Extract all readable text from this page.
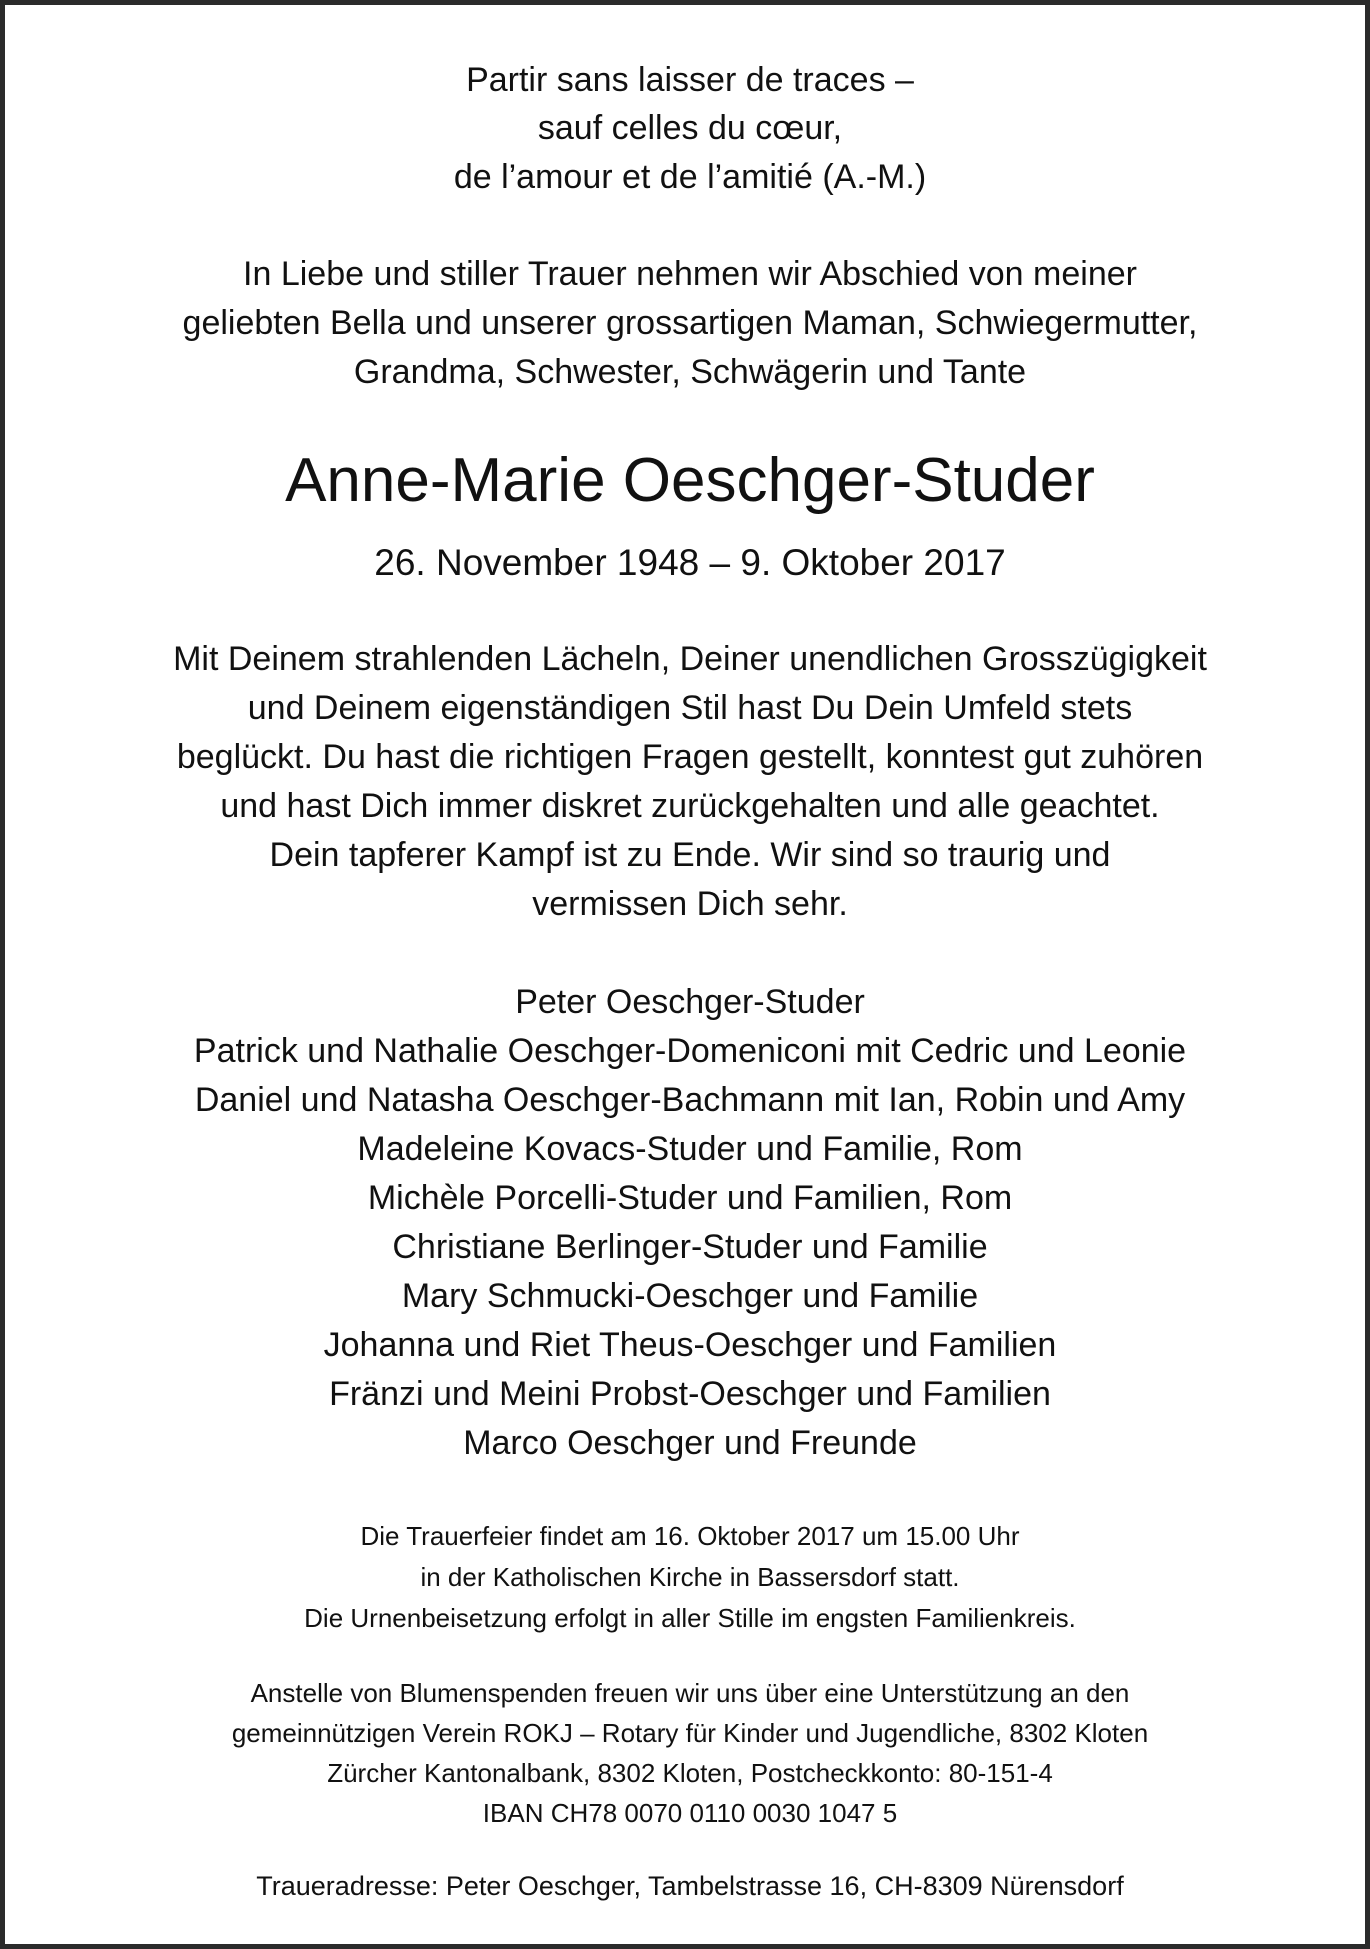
Partir sans laisser de traces –
sauf celles du cœur,
de l’amour et de l’amitié (A.-M.)
In Liebe und stiller Trauer nehmen wir Abschied von meiner
geliebten Bella und unserer grossartigen Maman, Schwiegermutter,
Grandma, Schwester, Schwägerin und Tante
Anne-Marie Oeschger-Studer
26. November 1948 – 9. Oktober 2017
Mit Deinem strahlenden Lächeln, Deiner unendlichen Grosszügigkeit
und Deinem eigenständigen Stil hast Du Dein Umfeld stets
beglückt. Du hast die richtigen Fragen gestellt, konntest gut zuhören
und hast Dich immer diskret zurückgehalten und alle geachtet.
Dein tapferer Kampf ist zu Ende. Wir sind so traurig und
vermissen Dich sehr.
Peter Oeschger-Studer
Patrick und Nathalie Oeschger-Domeniconi mit Cedric und Leonie
Daniel und Natasha Oeschger-Bachmann mit Ian, Robin und Amy
Madeleine Kovacs-Studer und Familie, Rom
Michèle Porcelli-Studer und Familien, Rom
Christiane Berlinger-Studer und Familie
Mary Schmucki-Oeschger und Familie
Johanna und Riet Theus-Oeschger und Familien
Fränzi und Meini Probst-Oeschger und Familien
Marco Oeschger und Freunde
Die Trauerfeier findet am 16. Oktober 2017 um 15.00 Uhr
in der Katholischen Kirche in Bassersdorf statt.
Die Urnenbeisetzung erfolgt in aller Stille im engsten Familienkreis.
Anstelle von Blumenspenden freuen wir uns über eine Unterstützung an den
gemeinnützigen Verein ROKJ – Rotary für Kinder und Jugendliche, 8302 Kloten
Zürcher Kantonalbank, 8302 Kloten, Postcheckkonto: 80-151-4
IBAN CH78 0070 0110 0030 1047 5
Traueradresse: Peter Oeschger, Tambelstrasse 16, CH-8309 Nürensdorf
